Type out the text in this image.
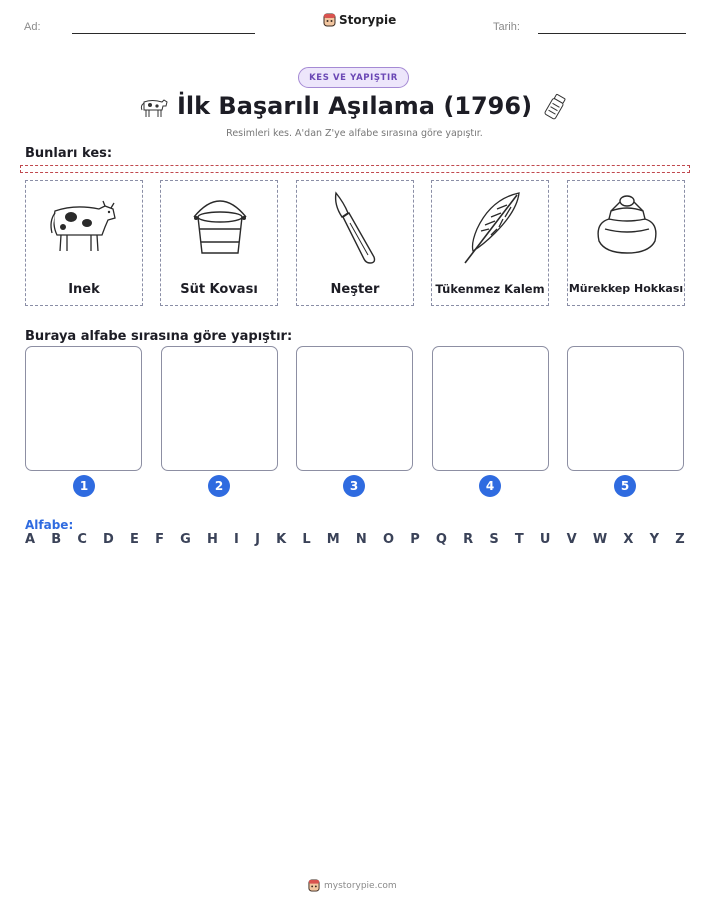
Ad:	Storypie	Tarih:
KES VE YAPIŞTIR
İlk Başarılı Aşılama (1796)
Resimleri kes. A'dan Z'ye alfabe sırasına göre yapıştır.
Bunları kes:
Inek	Süt Kovası	Neşter	Tükenmez Kalem	Mürekkep Hokkası
Buraya alfabe sırasına göre yapıştır:
1	2	3	4	5
Alfabe:
A B C D E F G H I J K L M N O P Q R S T U V W X Y Z
mystorypie.com
